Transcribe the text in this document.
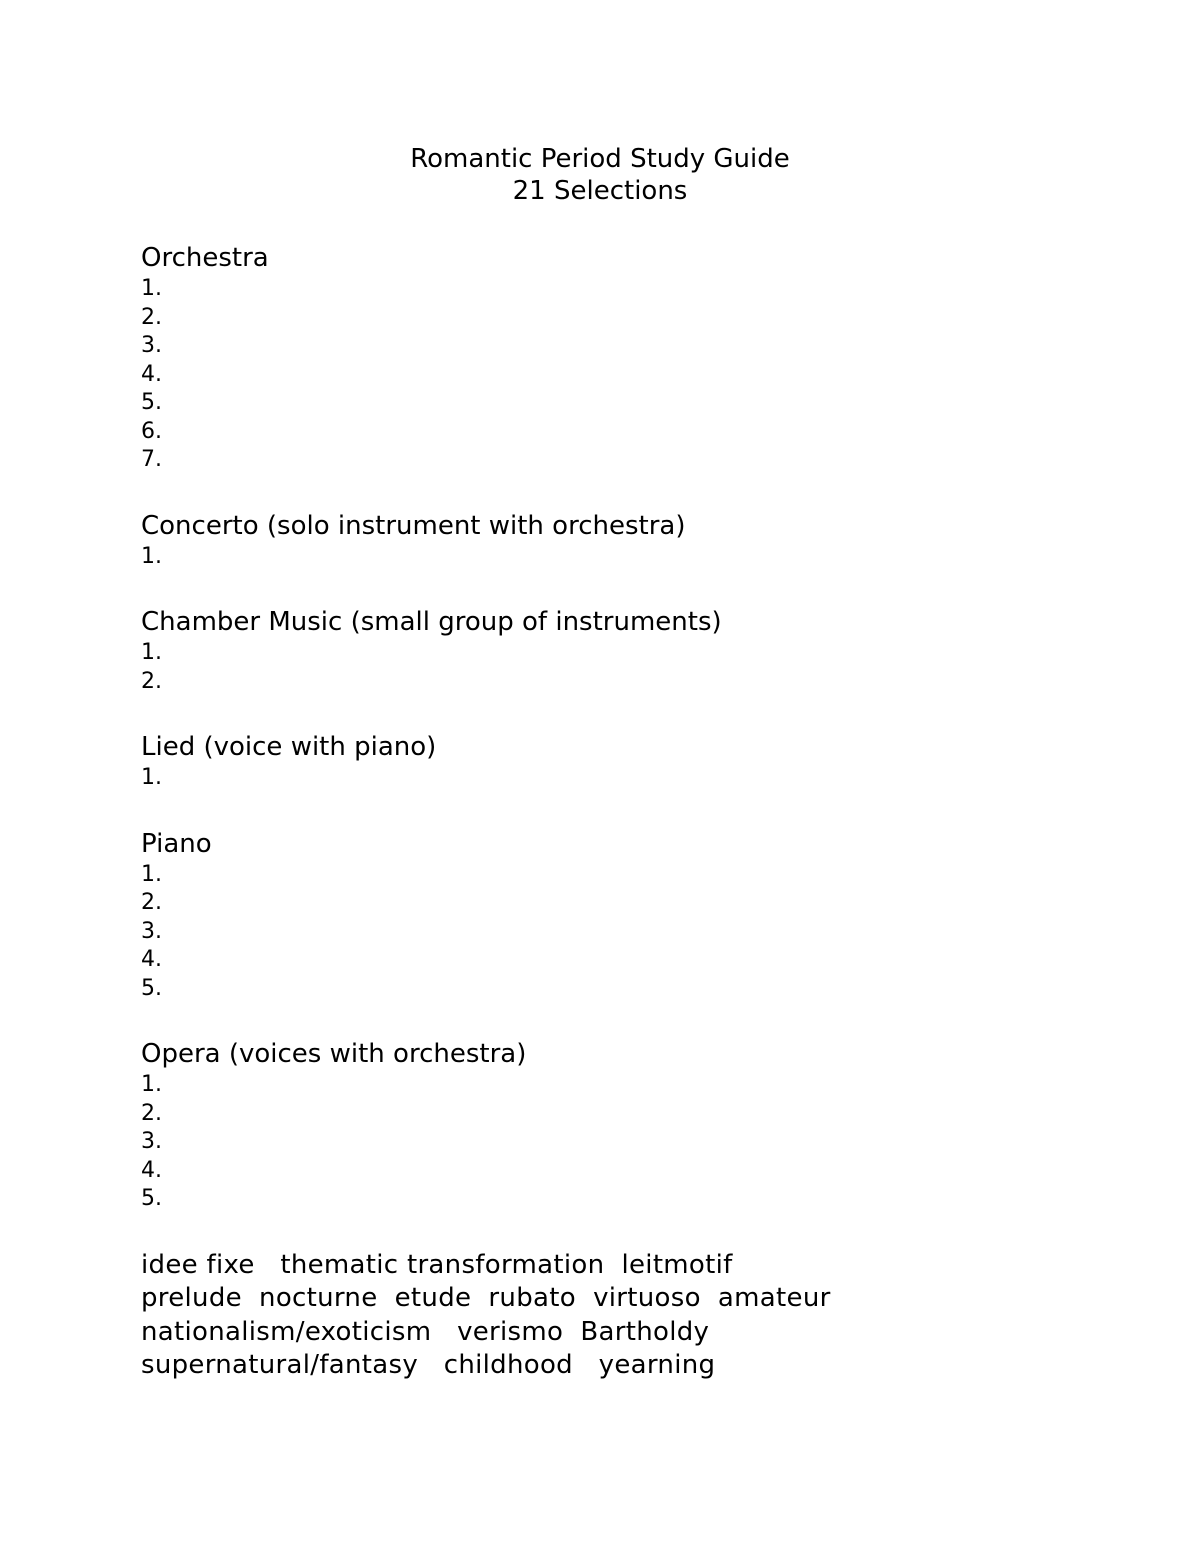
Romantic Period Study Guide
21 Selections
Orchestra
1.
2.
3.
4.
5.
6.
7.
Concerto (solo instrument with orchestra)
1.
Chamber Music (small group of instruments)
1.
2.
Lied (voice with piano)
1.
Piano
1.
2.
3.
4.
5.
Opera (voices with orchestra)
1.
2.
3.
4.
5.
idee fixe   thematic transformation  leitmotif
prelude  nocturne  etude  rubato  virtuoso  amateur
nationalism/exoticism   verismo  Bartholdy
supernatural/fantasy   childhood   yearning
